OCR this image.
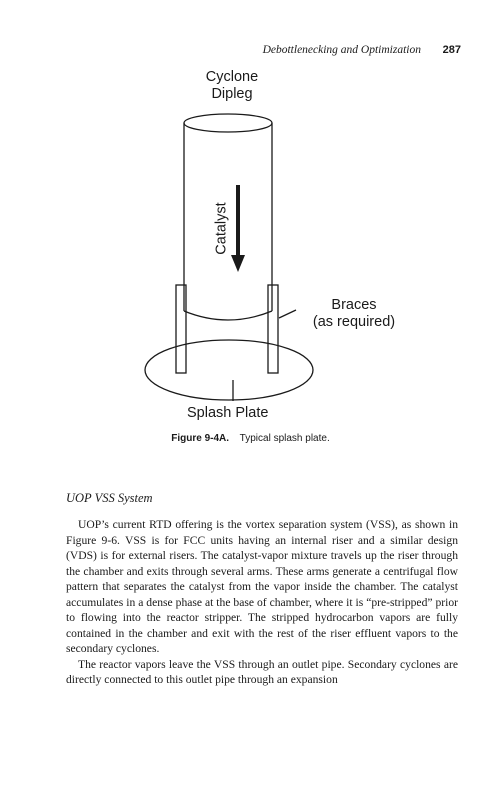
Debottlenecking and Optimization 287
Cyclone
Dipleg
Catalyst
Braces
(as required)
Splash Plate
Figure 9-4A. Typical splash plate.
UOP VSS System

UOP’s current RTD offering is the vortex separation system (VSS), as shown in Figure 9-6. VSS is for FCC units having an internal riser and a similar design (VDS) is for external risers. The catalyst-vapor mixture travels up the riser through the chamber and exits through several arms. These arms generate a centrifugal flow pattern that separates the catalyst from the vapor inside the chamber. The catalyst accumulates in a dense phase at the base of chamber, where it is “pre-stripped” prior to flowing into the reactor stripper. The stripped hydrocarbon vapors are fully contained in the chamber and exit with the rest of the riser effluent vapors to the secondary cyclones.

The reactor vapors leave the VSS through an outlet pipe. Secondary cyclones are directly connected to this outlet pipe through an expansion
